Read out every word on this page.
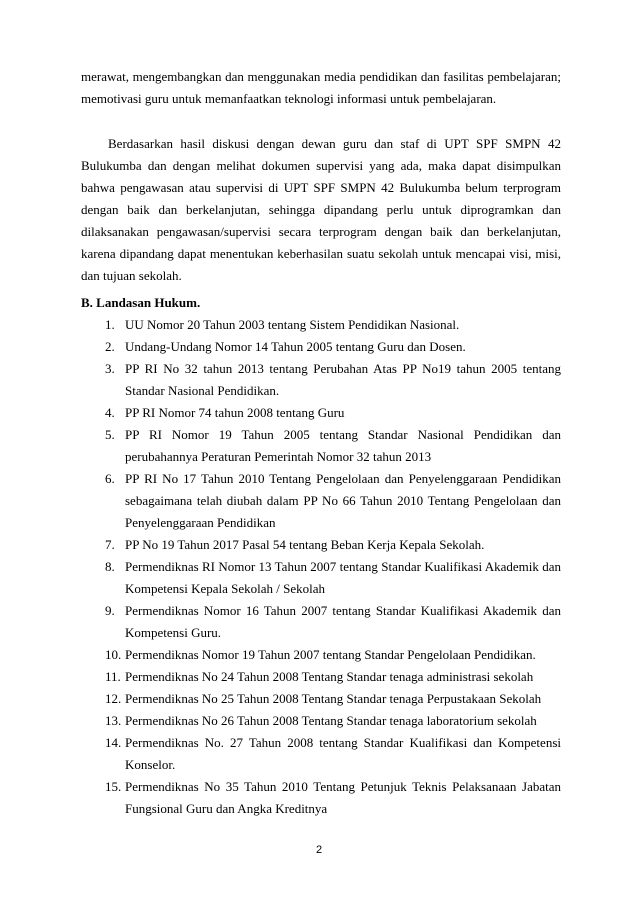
merawat, mengembangkan dan menggunakan media pendidikan dan fasilitas pembelajaran; memotivasi guru untuk memanfaatkan teknologi informasi untuk pembelajaran.

Berdasarkan hasil diskusi dengan dewan guru dan staf di UPT SPF SMPN 42 Bulukumba dan dengan melihat dokumen supervisi yang ada, maka dapat disimpulkan bahwa pengawasan atau supervisi di UPT SPF SMPN 42 Bulukumba belum terprogram dengan baik dan berkelanjutan, sehingga dipandang perlu untuk diprogramkan dan dilaksanakan pengawasan/supervisi secara terprogram dengan baik dan berkelanjutan, karena dipandang dapat menentukan keberhasilan suatu sekolah untuk mencapai visi, misi, dan tujuan sekolah.

B. Landasan Hukum.

1. UU Nomor 20 Tahun 2003 tentang Sistem Pendidikan Nasional.
2. Undang-Undang Nomor 14 Tahun 2005 tentang Guru dan Dosen.
3. PP RI No 32 tahun 2013 tentang Perubahan Atas PP No19 tahun 2005 tentang Standar Nasional Pendidikan.
4. PP RI Nomor 74 tahun 2008 tentang Guru
5. PP RI Nomor 19 Tahun 2005 tentang Standar Nasional Pendidikan dan perubahannya Peraturan Pemerintah Nomor 32 tahun 2013
6. PP RI No 17 Tahun 2010 Tentang Pengelolaan dan Penyelenggaraan Pendidikan sebagaimana telah diubah dalam PP No 66 Tahun 2010 Tentang Pengelolaan dan Penyelenggaraan Pendidikan
7. PP No 19 Tahun 2017 Pasal 54 tentang Beban Kerja Kepala Sekolah.
8. Permendiknas RI Nomor 13 Tahun 2007 tentang Standar Kualifikasi Akademik dan Kompetensi Kepala Sekolah / Sekolah
9. Permendiknas Nomor 16 Tahun 2007 tentang Standar Kualifikasi Akademik dan Kompetensi Guru.
10. Permendiknas Nomor 19 Tahun 2007 tentang Standar Pengelolaan Pendidikan.
11. Permendiknas No 24 Tahun 2008 Tentang Standar tenaga administrasi sekolah
12. Permendiknas No 25 Tahun 2008 Tentang Standar tenaga Perpustakaan Sekolah
13. Permendiknas No 26 Tahun 2008 Tentang Standar tenaga laboratorium sekolah
14. Permendiknas No. 27 Tahun 2008 tentang Standar Kualifikasi dan Kompetensi Konselor.
15. Permendiknas No 35 Tahun 2010 Tentang Petunjuk Teknis Pelaksanaan Jabatan Fungsional Guru dan Angka Kreditnya
2
